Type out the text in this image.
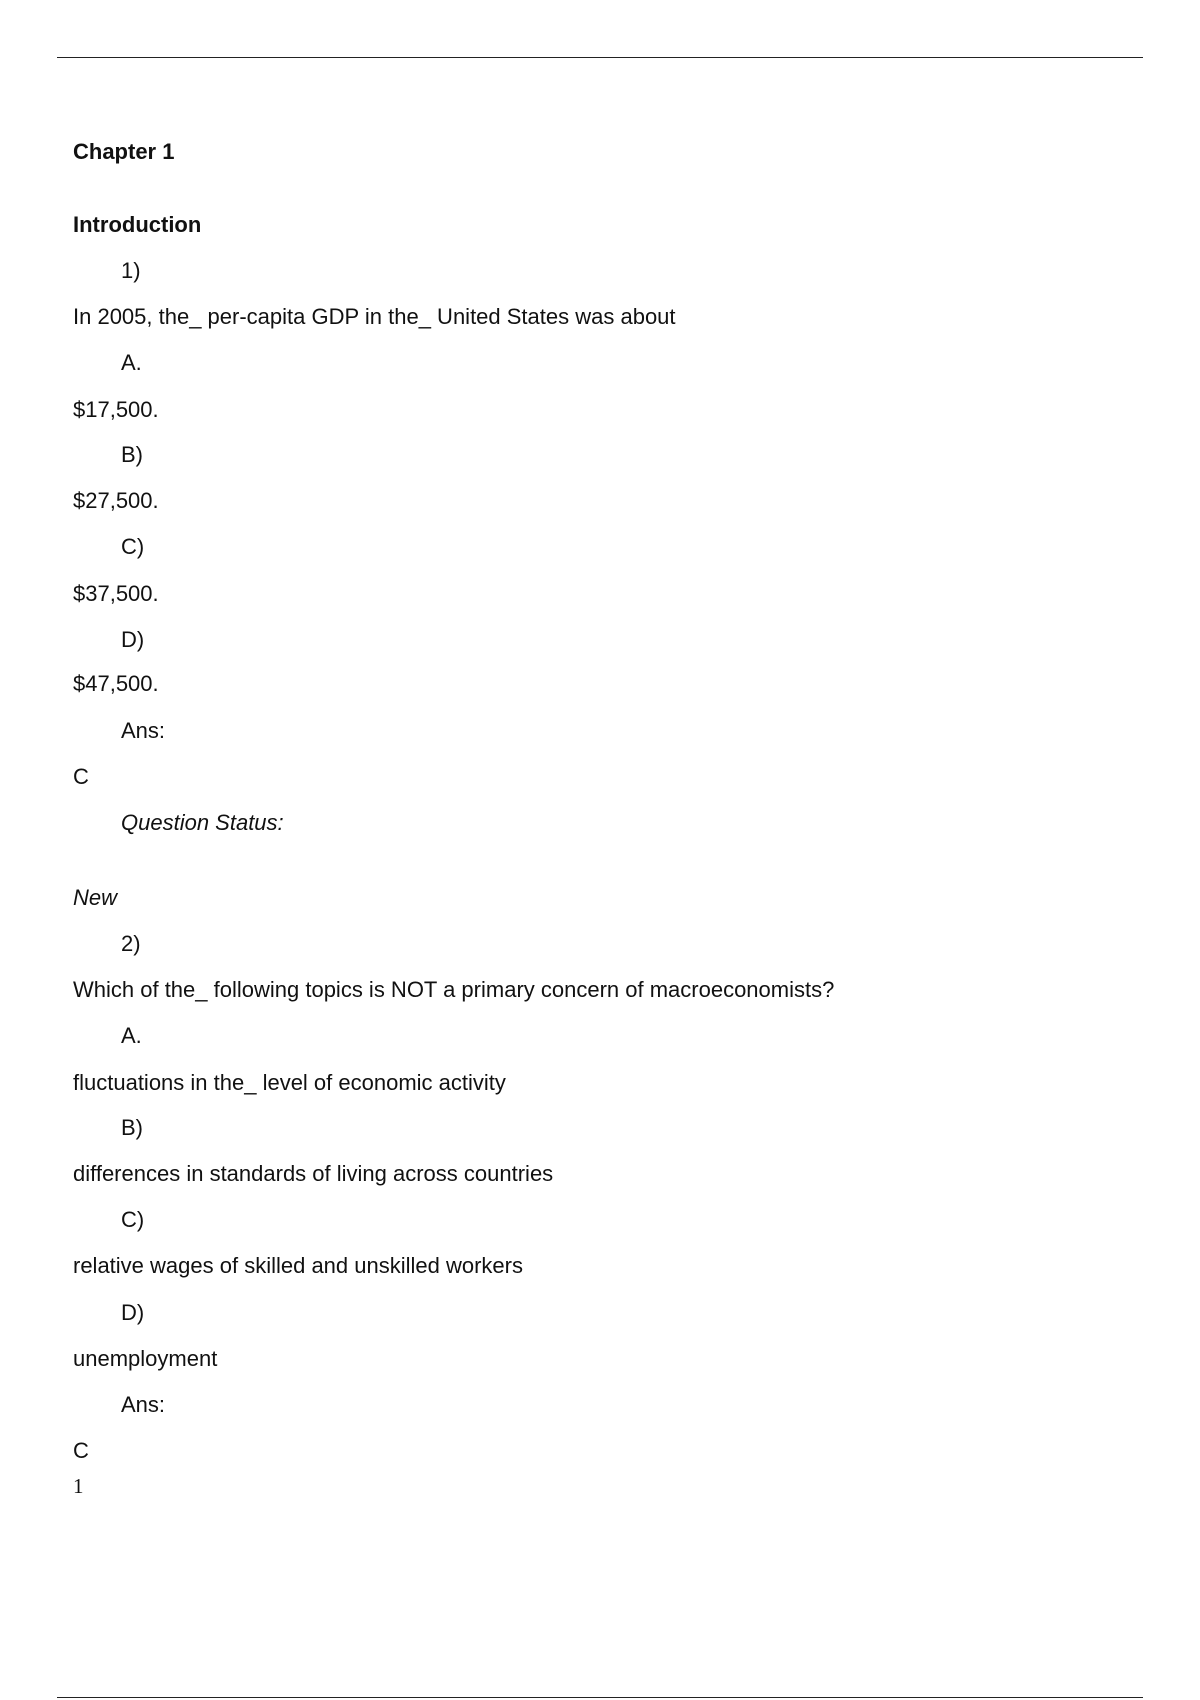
Chapter 1
Introduction
1)
In 2005, the_ per-capita GDP in the_ United States was about
A.
$17,500.
B)
$27,500.
C)
$37,500.
D)
$47,500.
Ans:
C
Question Status:
New
2)
Which of the_ following topics is NOT a primary concern of macroeconomists?
A.
fluctuations in the_ level of economic activity
B)
differences in standards of living across countries
C)
relative wages of skilled and unskilled workers
D)
unemployment
Ans:
C
1
